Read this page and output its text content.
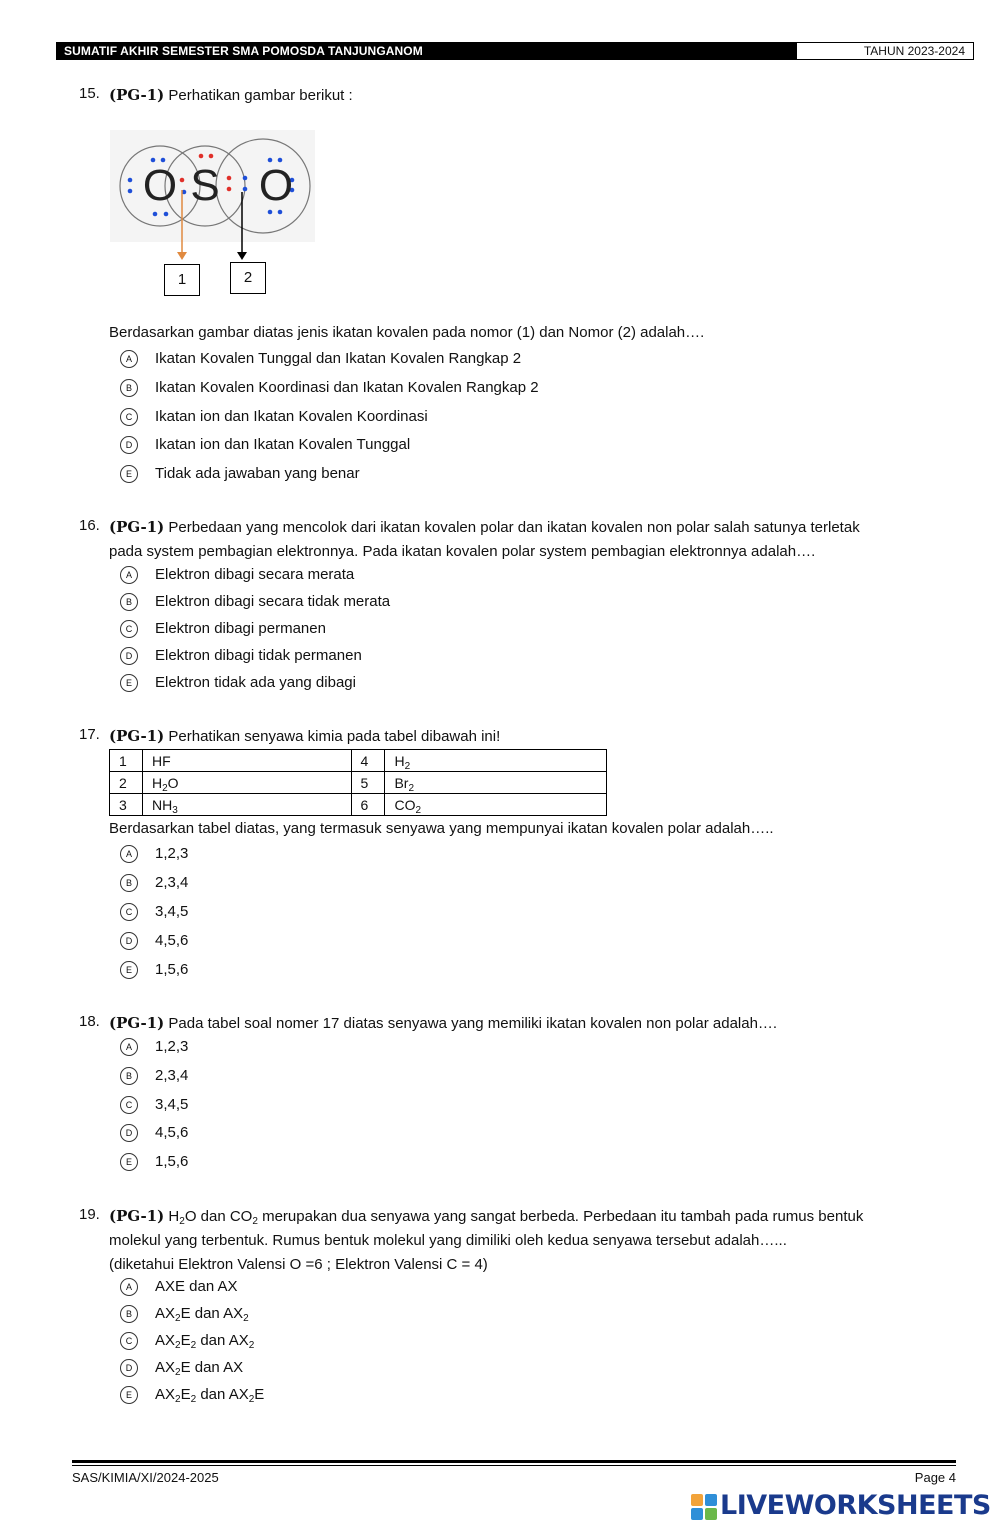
SUMATIF AKHIR SEMESTER SMA POMOSDA TANJUNGANOM	TAHUN 2023-2024
15. (PG-1) Perhatikan gambar berikut :
O S O
1	2
Berdasarkan gambar diatas jenis ikatan kovalen pada nomor (1) dan Nomor (2) adalah….
A	Ikatan Kovalen Tunggal dan Ikatan Kovalen Rangkap 2
B	Ikatan Kovalen Koordinasi dan Ikatan Kovalen Rangkap 2
C	Ikatan ion dan Ikatan Kovalen Koordinasi
D	Ikatan ion dan Ikatan Kovalen Tunggal
E	Tidak ada jawaban yang benar
16. (PG-1) Perbedaan yang mencolok dari ikatan kovalen polar dan ikatan kovalen non polar salah satunya terletak
pada system pembagian elektronnya. Pada ikatan kovalen polar system pembagian elektronnya adalah….
A	Elektron dibagi secara merata
B	Elektron dibagi secara tidak merata
C	Elektron dibagi permanen
D	Elektron dibagi tidak permanen
E	Elektron tidak ada yang dibagi
17. (PG-1) Perhatikan senyawa kimia pada tabel dibawah ini!
1	HF	4	$H_2$
2	$H_2O$	5	$Br_2$
3	$NH_3$	6	$CO_2$
Berdasarkan tabel diatas, yang termasuk senyawa yang mempunyai ikatan kovalen polar adalah…..
A	1,2,3
B	2,3,4
C	3,4,5
D	4,5,6
E	1,5,6
18. (PG-1) Pada tabel soal nomer 17 diatas senyawa yang memiliki ikatan kovalen non polar adalah….
A	1,2,3
B	2,3,4
C	3,4,5
D	4,5,6
E	1,5,6
19. (PG-1) $H_2O$ dan $CO_2$ merupakan dua senyawa yang sangat berbeda. Perbedaan itu tambah pada rumus bentuk
molekul yang terbentuk. Rumus bentuk molekul yang dimiliki oleh kedua senyawa tersebut adalah…...
(diketahui Elektron Valensi O =6 ; Elektron Valensi C = 4)
A	AXE dan AX
B	$AX_2E$ dan $AX_2$
C	$AX_2E_2$ dan $AX_2$
D	$AX_2E$ dan AX
E	$AX_2E_2$ dan $AX_2E$
SAS/KIMIA/XI/2024-2025	Page 4
LIVEWORKSHEETS
